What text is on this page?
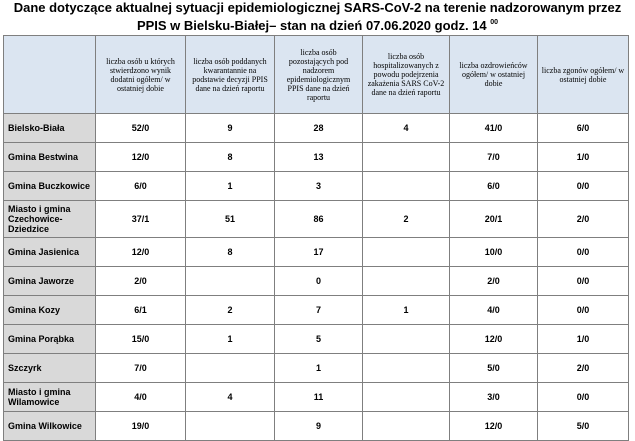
Dane dotyczące aktualnej sytuacji epidemiologicznej SARS-CoV-2 na terenie nadzorowanym przez
PPIS w Bielsku-Białej– stan na dzień 07.06.2020 godz. 14 $^{00}$
	liczba osób u których stwierdzono wynik dodatni ogółem/ w ostatniej dobie	liczba osób poddanych kwarantannie na podstawie decyzji PPIS dane na dzień raportu	liczba osób pozostających pod nadzorem epidemiologicznym PPIS dane na dzień raportu	liczba osób hospitalizowanych z powodu podejrzenia zakażenia SARS CoV-2 dane na dzień raportu	liczba ozdrowieńców ogółem/ w ostatniej dobie	liczba zgonów ogółem/ w ostatniej dobie
Bielsko-Biała	52/0	9	28	4	41/0	6/0
Gmina Bestwina	12/0	8	13		7/0	1/0
Gmina Buczkowice	6/0	1	3		6/0	0/0
Miasto i gmina Czechowice-Dziedzice	37/1	51	86	2	20/1	2/0
Gmina Jasienica	12/0	8	17		10/0	0/0
Gmina Jaworze	2/0		0		2/0	0/0
Gmina Kozy	6/1	2	7	1	4/0	0/0
Gmina Porąbka	15/0	1	5		12/0	1/0
Szczyrk	7/0		1		5/0	2/0
Miasto i gmina Wilamowice	4/0	4	11		3/0	0/0
Gmina Wilkowice	19/0		9		12/0	5/0
